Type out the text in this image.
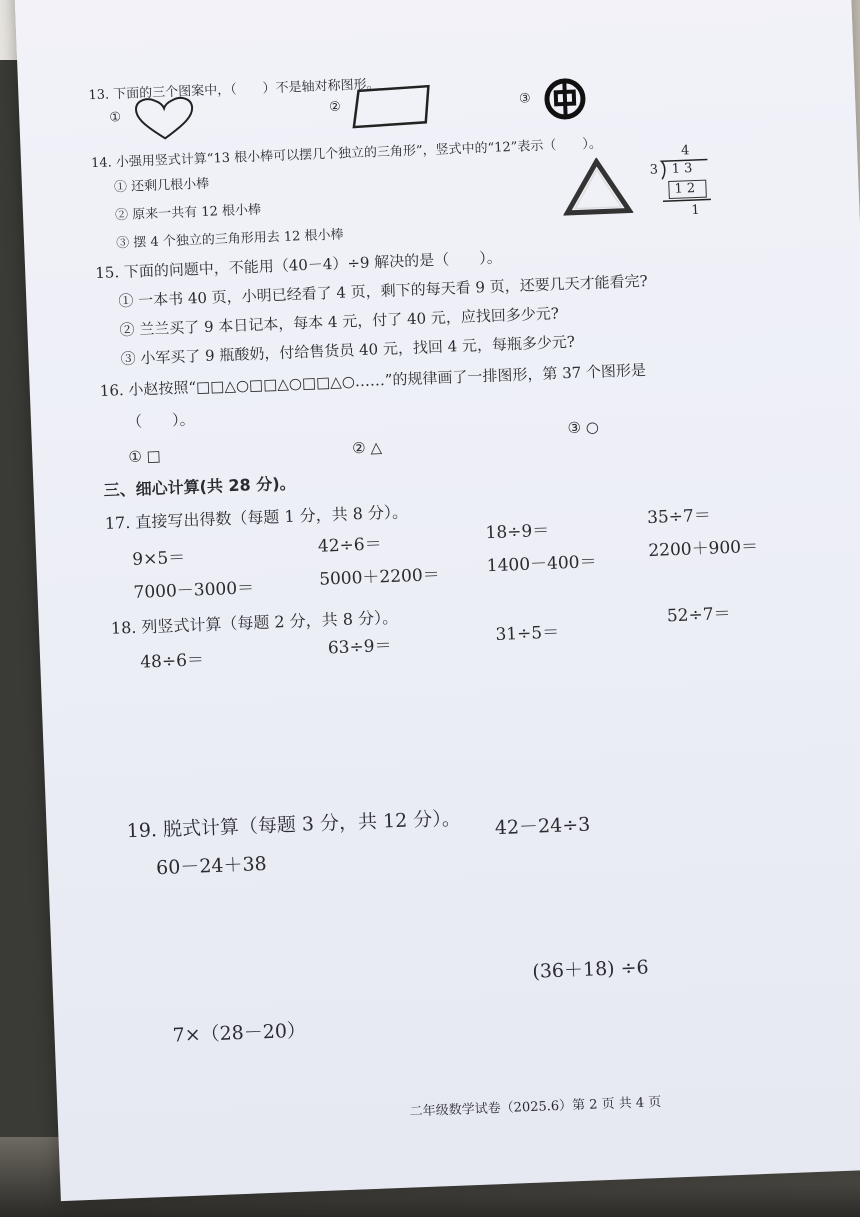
13. 下面的三个图案中，（　　）不是轴对称图形。
①
②
③
14. 小强用竖式计算“13 根小棒可以摆几个独立的三角形”，竖式中的“12”表示（　　）。
① 还剩几根小棒
② 原来一共有 12 根小棒
③ 摆 4 个独立的三角形用去 12 根小棒
4
3 1 3
1 2
1
15. 下面的问题中，不能用（40－4）÷9 解决的是（　　）。
① 一本书 40 页，小明已经看了 4 页，剩下的每天看 9 页，还要几天才能看完?
② 兰兰买了 9 本日记本，每本 4 元，付了 40 元，应找回多少元?
③ 小军买了 9 瓶酸奶，付给售货员 40 元，找回 4 元，每瓶多少元?
16. 小赵按照“□□△○□□△○□□△○……”的规律画了一排图形，第 37 个图形是
（　　）。
① □	② △
③ ○
三、细心计算(共 28 分)。
17. 直接写出得数（每题 1 分，共 8 分）。
9×5＝
42÷6＝
18÷9＝
35÷7＝
7000－3000＝
5000＋2200＝
1400－400＝
2200＋900＝
18. 列竖式计算（每题 2 分，共 8 分）。
48÷6＝
63÷9＝
31÷5＝
52÷7＝
19. 脱式计算（每题 3 分，共 12 分）。
60－24＋38
42－24÷3
(36＋18) ÷6
7×（28－20）
二年级数学试卷（2025.6）第 2 页 共 4 页
